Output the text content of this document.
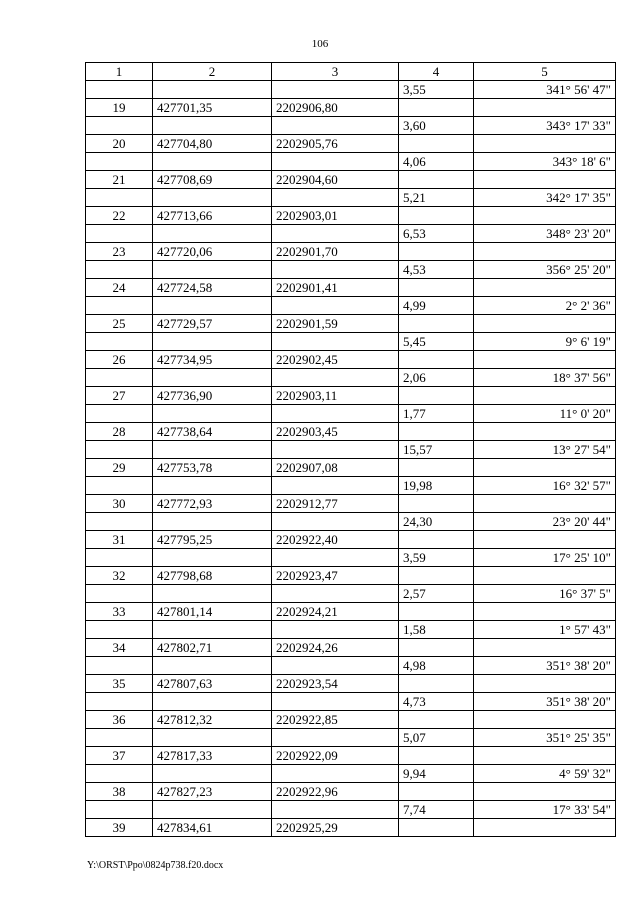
106
1	2	3	4	5
			3,55	341° 56' 47"
19	427701,35	2202906,80		
			3,60	343° 17' 33"
20	427704,80	2202905,76		
			4,06	343° 18' 6"
21	427708,69	2202904,60		
			5,21	342° 17' 35"
22	427713,66	2202903,01		
			6,53	348° 23' 20"
23	427720,06	2202901,70		
			4,53	356° 25' 20"
24	427724,58	2202901,41		
			4,99	2° 2' 36"
25	427729,57	2202901,59		
			5,45	9° 6' 19"
26	427734,95	2202902,45		
			2,06	18° 37' 56"
27	427736,90	2202903,11		
			1,77	11° 0' 20"
28	427738,64	2202903,45		
			15,57	13° 27' 54"
29	427753,78	2202907,08		
			19,98	16° 32' 57"
30	427772,93	2202912,77		
			24,30	23° 20' 44"
31	427795,25	2202922,40		
			3,59	17° 25' 10"
32	427798,68	2202923,47		
			2,57	16° 37' 5"
33	427801,14	2202924,21		
			1,58	1° 57' 43"
34	427802,71	2202924,26		
			4,98	351° 38' 20"
35	427807,63	2202923,54		
			4,73	351° 38' 20"
36	427812,32	2202922,85		
			5,07	351° 25' 35"
37	427817,33	2202922,09		
			9,94	4° 59' 32"
38	427827,23	2202922,96		
			7,74	17° 33' 54"
39	427834,61	2202925,29		
Y:\ORST\Ppo\0824p738.f20.docx
